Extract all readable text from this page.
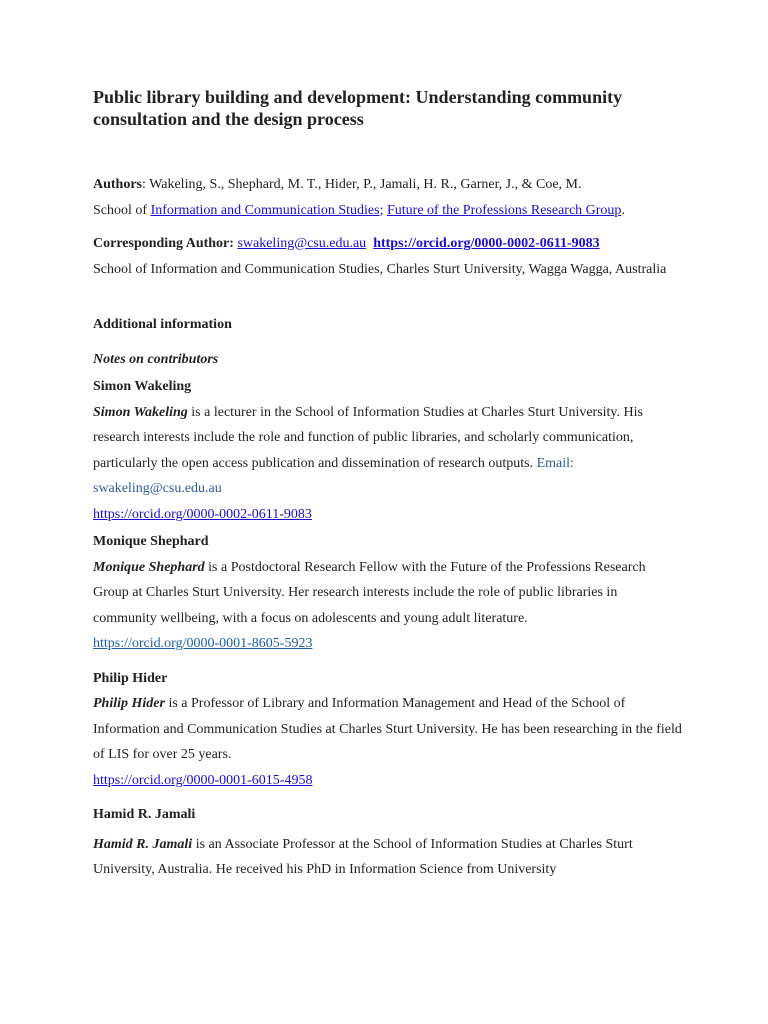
Public library building and development: Understanding community consultation and the design process
Authors: Wakeling, S., Shephard, M. T., Hider, P., Jamali, H. R., Garner, J., & Coe, M.
School of Information and Communication Studies; Future of the Professions Research Group.
Corresponding Author: swakeling@csu.edu.au https://orcid.org/0000-0002-0611-9083
School of Information and Communication Studies, Charles Sturt University, Wagga Wagga, Australia
Additional information
Notes on contributors
Simon Wakeling
Simon Wakeling is a lecturer in the School of Information Studies at Charles Sturt University. His research interests include the role and function of public libraries, and scholarly communication, particularly the open access publication and dissemination of research outputs. Email: swakeling@csu.edu.au
https://orcid.org/0000-0002-0611-9083
Monique Shephard
Monique Shephard is a Postdoctoral Research Fellow with the Future of the Professions Research Group at Charles Sturt University. Her research interests include the role of public libraries in community wellbeing, with a focus on adolescents and young adult literature.
https://orcid.org/0000-0001-8605-5923
Philip Hider
Philip Hider is a Professor of Library and Information Management and Head of the School of Information and Communication Studies at Charles Sturt University. He has been researching in the field of LIS for over 25 years.
https://orcid.org/0000-0001-6015-4958
Hamid R. Jamali
Hamid R. Jamali is an Associate Professor at the School of Information Studies at Charles Sturt University, Australia. He received his PhD in Information Science from University
